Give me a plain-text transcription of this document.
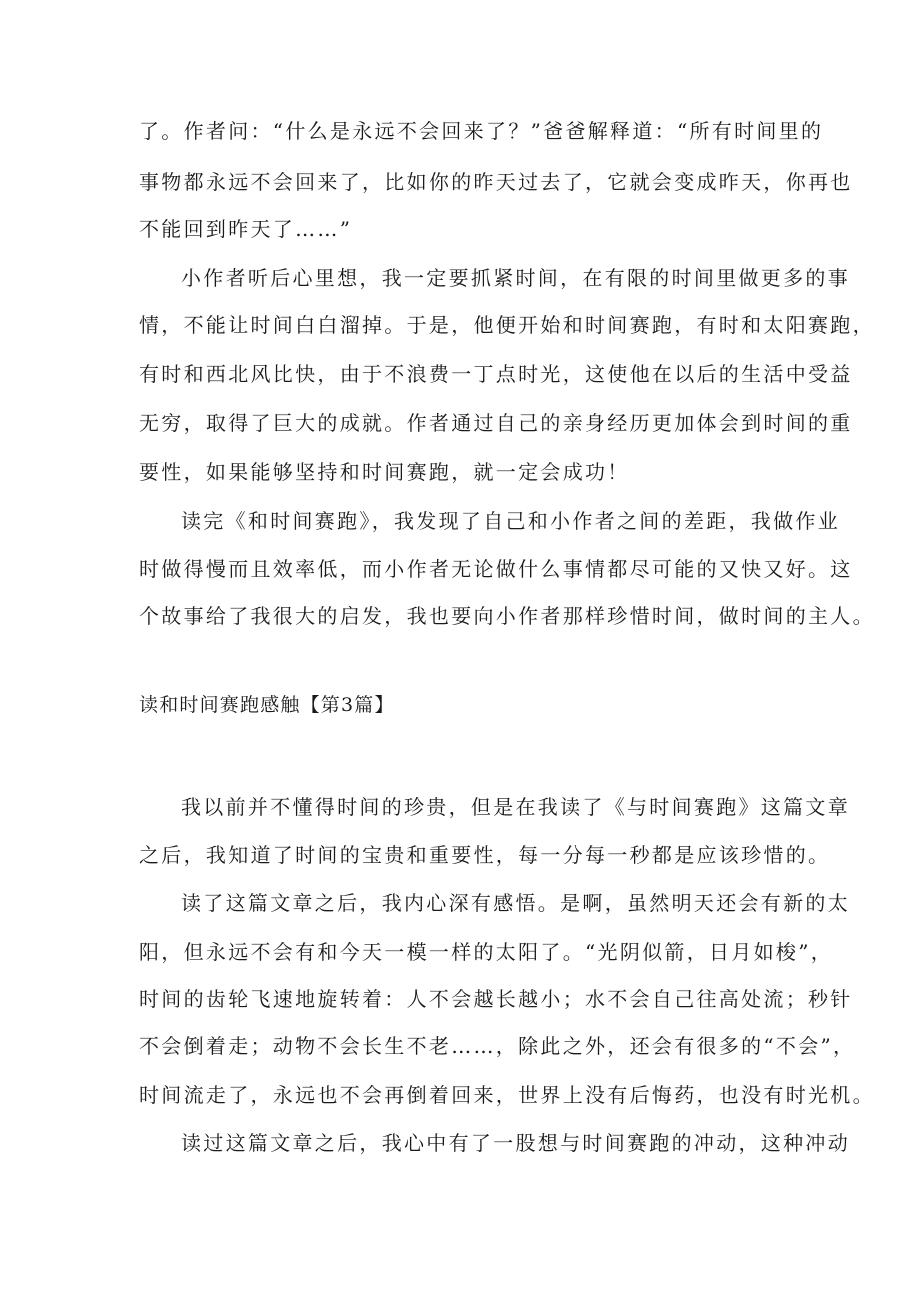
了。作者问：“什么是永远不会回来了？”爸爸解释道：“所有时间里的
事物都永远不会回来了，比如你的昨天过去了，它就会变成昨天，你再也
不能回到昨天了……”
小作者听后心里想，我一定要抓紧时间，在有限的时间里做更多的事
情，不能让时间白白溜掉。于是，他便开始和时间赛跑，有时和太阳赛跑，
有时和西北风比快，由于不浪费一丁点时光，这使他在以后的生活中受益
无穷，取得了巨大的成就。作者通过自己的亲身经历更加体会到时间的重
要性，如果能够坚持和时间赛跑，就一定会成功！
读完《和时间赛跑》，我发现了自己和小作者之间的差距，我做作业
时做得慢而且效率低，而小作者无论做什么事情都尽可能的又快又好。这
个故事给了我很大的启发，我也要向小作者那样珍惜时间，做时间的主人。
读和时间赛跑感触【第3篇】
我以前并不懂得时间的珍贵，但是在我读了《与时间赛跑》这篇文章
之后，我知道了时间的宝贵和重要性，每一分每一秒都是应该珍惜的。
读了这篇文章之后，我内心深有感悟。是啊，虽然明天还会有新的太
阳，但永远不会有和今天一模一样的太阳了。“光阴似箭，日月如梭”，
时间的齿轮飞速地旋转着：人不会越长越小；水不会自己往高处流；秒针
不会倒着走；动物不会长生不老……，除此之外，还会有很多的“不会”，
时间流走了，永远也不会再倒着回来，世界上没有后悔药，也没有时光机。
读过这篇文章之后，我心中有了一股想与时间赛跑的冲动，这种冲动
